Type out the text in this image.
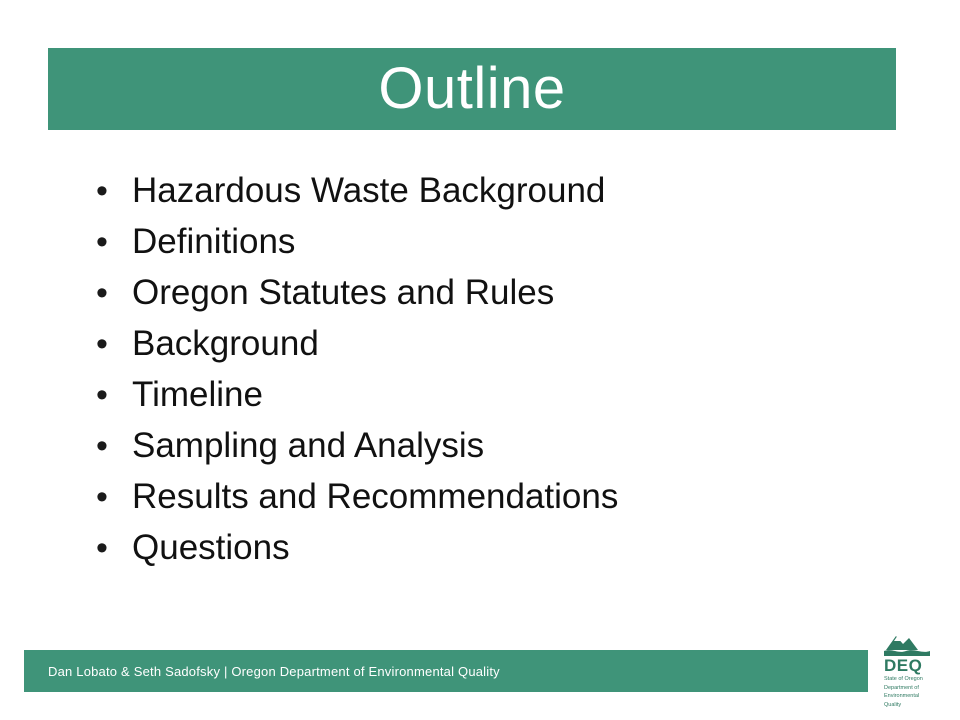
Outline
• Hazardous Waste Background
• Definitions
• Oregon Statutes and Rules
• Background
• Timeline
• Sampling and Analysis
• Results and Recommendations
• Questions
Dan Lobato & Seth Sadofsky | Oregon Department of Environmental Quality	DEQ
State of Oregon
Department of
Environmental
Quality
